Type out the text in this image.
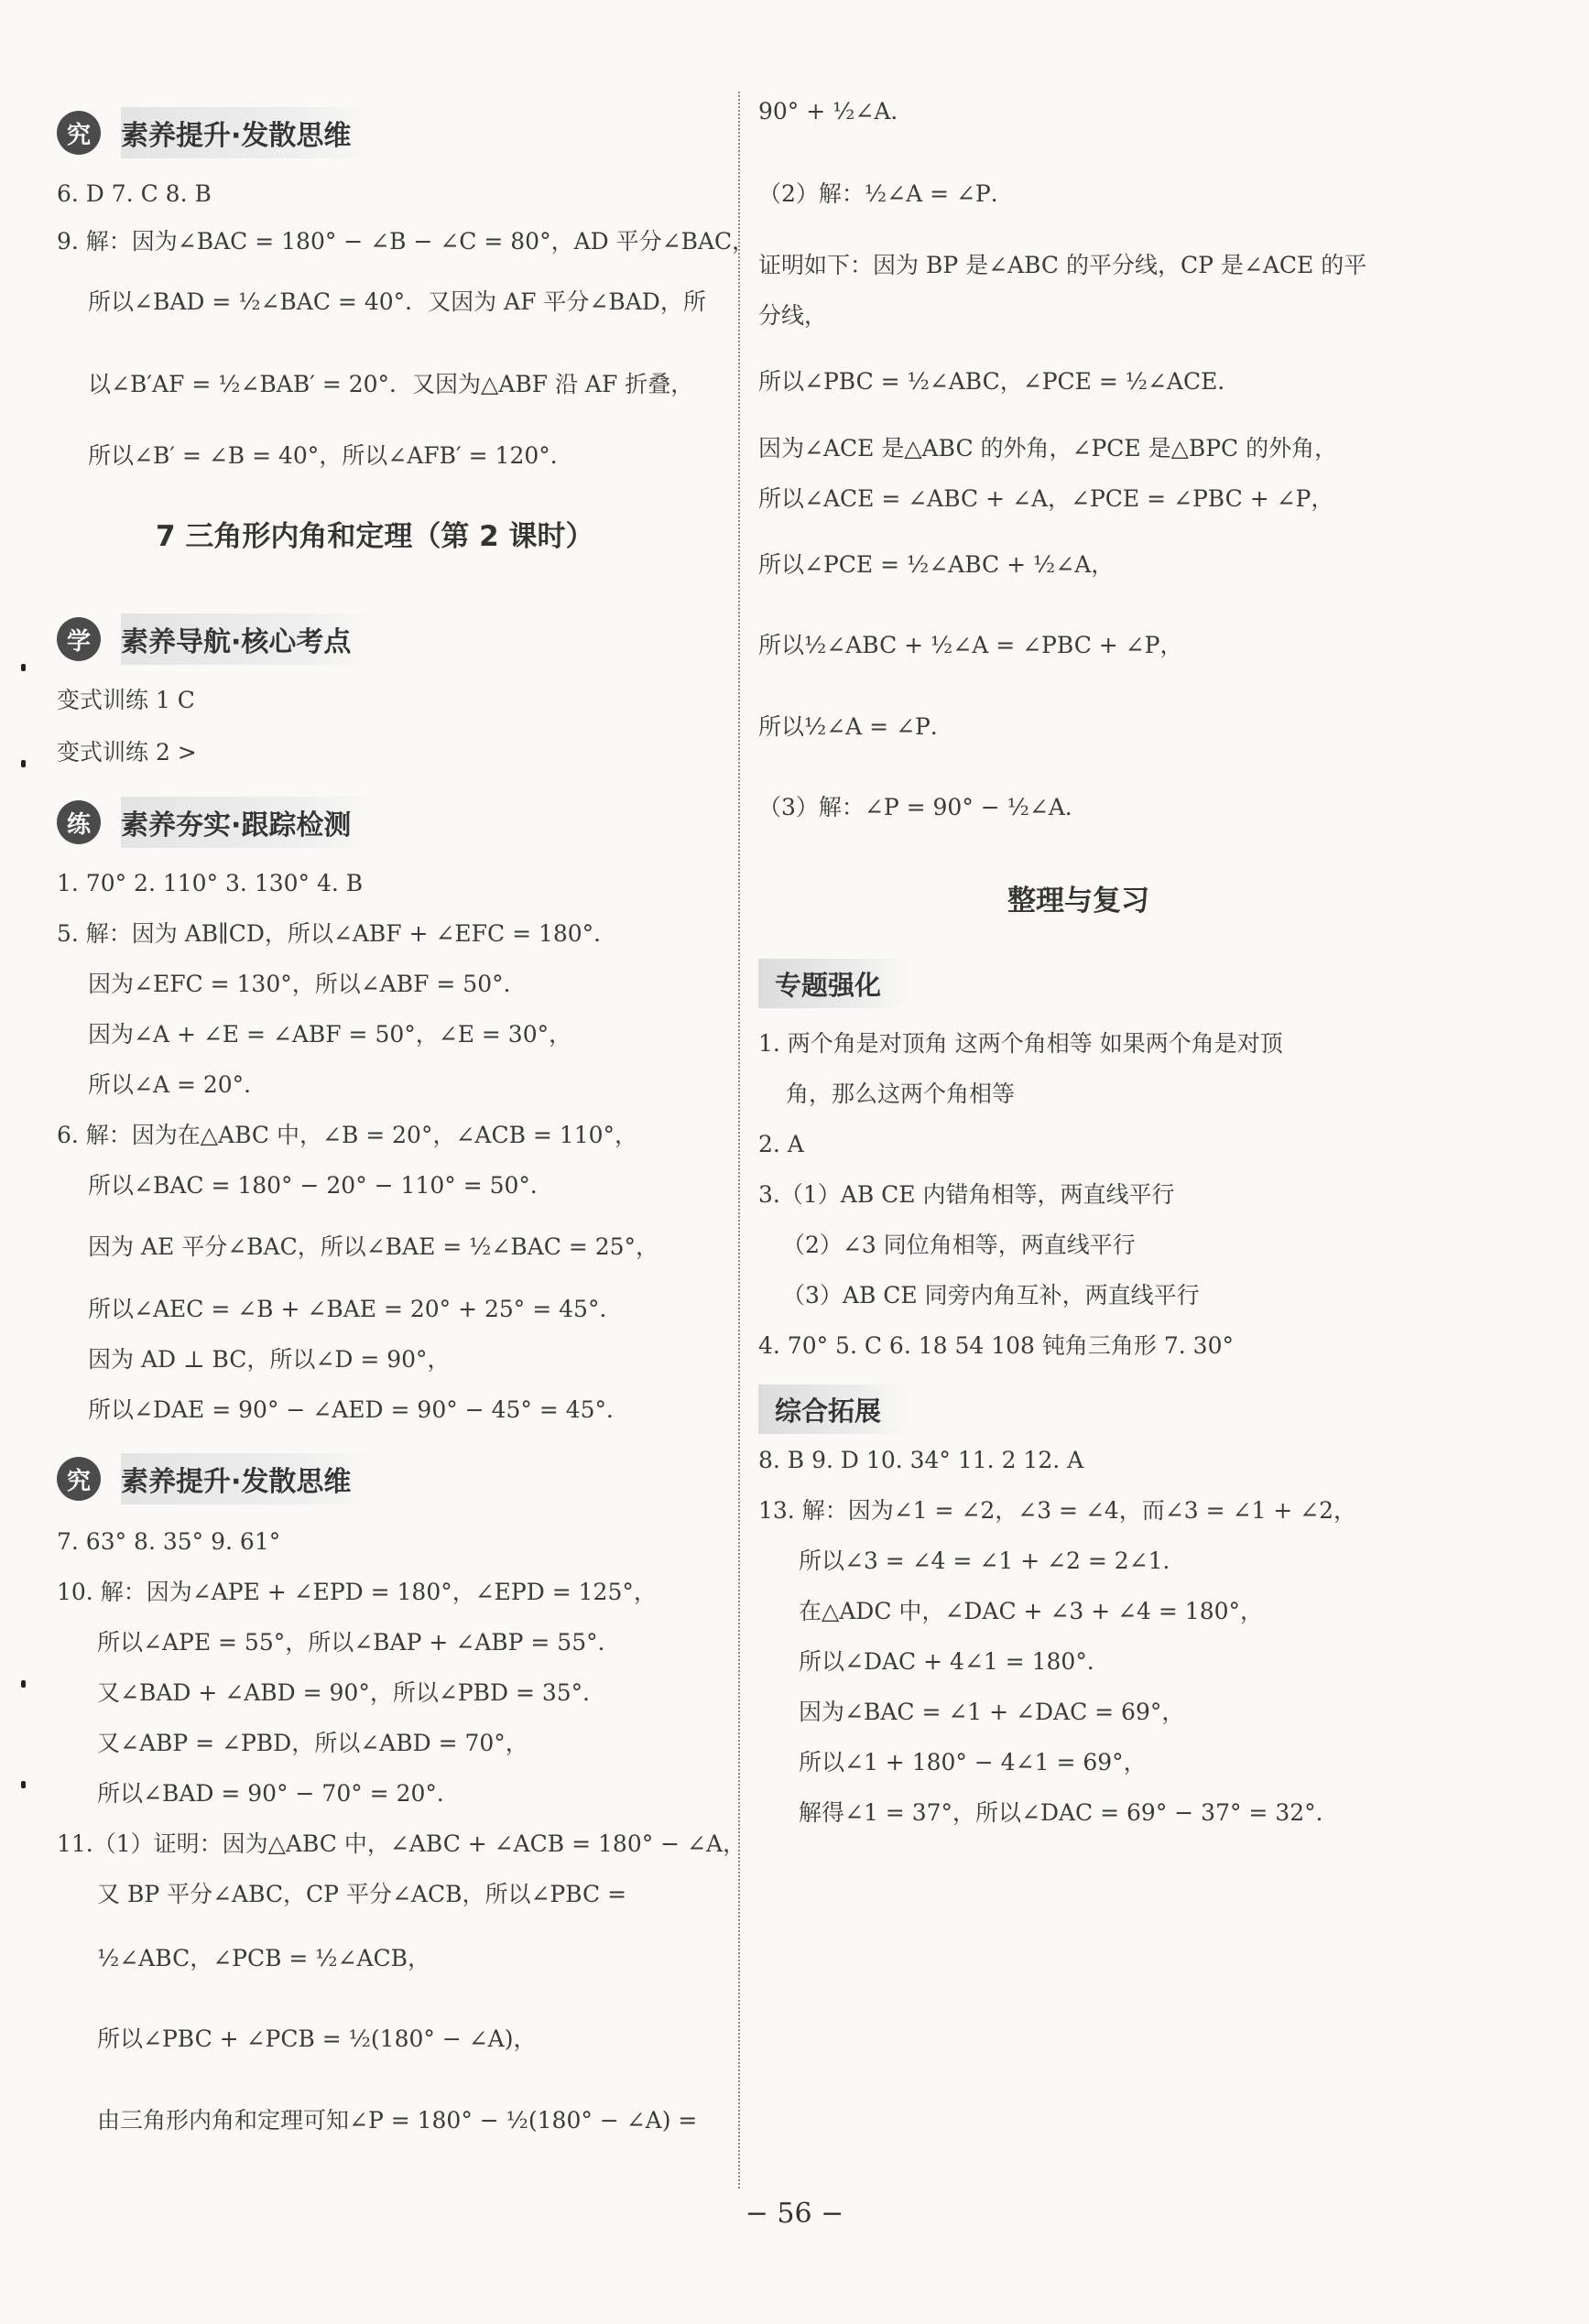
究	素养提升·发散思维
6. D 7. C 8. B
9. 解：因为∠BAC = 180° − ∠B − ∠C = 80°，AD 平分∠BAC，
所以∠BAD = ½∠BAC = 40°．又因为 AF 平分∠BAD，所
以∠B′AF = ½∠BAB′ = 20°．又因为△ABF 沿 AF 折叠，
所以∠B′ = ∠B = 40°，所以∠AFB′ = 120°．
7 三角形内角和定理（第 2 课时）
学	素养导航·核心考点
变式训练 1 C
变式训练 2 >
练	素养夯实·跟踪检测
1. 70° 2. 110° 3. 130° 4. B
5. 解：因为 AB∥CD，所以∠ABF + ∠EFC = 180°．
因为∠EFC = 130°，所以∠ABF = 50°．
因为∠A + ∠E = ∠ABF = 50°，∠E = 30°，
所以∠A = 20°．
6. 解：因为在△ABC 中，∠B = 20°，∠ACB = 110°，
所以∠BAC = 180° − 20° − 110° = 50°．
因为 AE 平分∠BAC，所以∠BAE = ½∠BAC = 25°，
所以∠AEC = ∠B + ∠BAE = 20° + 25° = 45°．
因为 AD ⊥ BC，所以∠D = 90°，
所以∠DAE = 90° − ∠AED = 90° − 45° = 45°．
究	素养提升·发散思维
7. 63° 8. 35° 9. 61°
10. 解：因为∠APE + ∠EPD = 180°，∠EPD = 125°，
所以∠APE = 55°，所以∠BAP + ∠ABP = 55°．
又∠BAD + ∠ABD = 90°，所以∠PBD = 35°．
又∠ABP = ∠PBD，所以∠ABD = 70°，
所以∠BAD = 90° − 70° = 20°．
11.（1）证明：因为△ABC 中，∠ABC + ∠ACB = 180° − ∠A，
又 BP 平分∠ABC，CP 平分∠ACB，所以∠PBC =
½∠ABC，∠PCB = ½∠ACB，
所以∠PBC + ∠PCB = ½(180° − ∠A)，
由三角形内角和定理可知∠P = 180° − ½(180° − ∠A) =
90° + ½∠A．
（2）解：½∠A = ∠P．
证明如下：因为 BP 是∠ABC 的平分线，CP 是∠ACE 的平
分线，
所以∠PBC = ½∠ABC，∠PCE = ½∠ACE．
因为∠ACE 是△ABC 的外角，∠PCE 是△BPC 的外角，
所以∠ACE = ∠ABC + ∠A，∠PCE = ∠PBC + ∠P，
所以∠PCE = ½∠ABC + ½∠A，
所以½∠ABC + ½∠A = ∠PBC + ∠P，
所以½∠A = ∠P．
（3）解：∠P = 90° − ½∠A．
整理与复习
专题强化
1. 两个角是对顶角 这两个角相等 如果两个角是对顶
角，那么这两个角相等
2. A
3.（1）AB CE 内错角相等，两直线平行
（2）∠3 同位角相等，两直线平行
（3）AB CE 同旁内角互补，两直线平行
4. 70° 5. C 6. 18 54 108 钝角三角形 7. 30°
综合拓展
8. B 9. D 10. 34° 11. 2 12. A
13. 解：因为∠1 = ∠2，∠3 = ∠4，而∠3 = ∠1 + ∠2，
所以∠3 = ∠4 = ∠1 + ∠2 = 2∠1．
在△ADC 中，∠DAC + ∠3 + ∠4 = 180°，
所以∠DAC + 4∠1 = 180°．
因为∠BAC = ∠1 + ∠DAC = 69°，
所以∠1 + 180° − 4∠1 = 69°，
解得∠1 = 37°，所以∠DAC = 69° − 37° = 32°．
− 56 −
